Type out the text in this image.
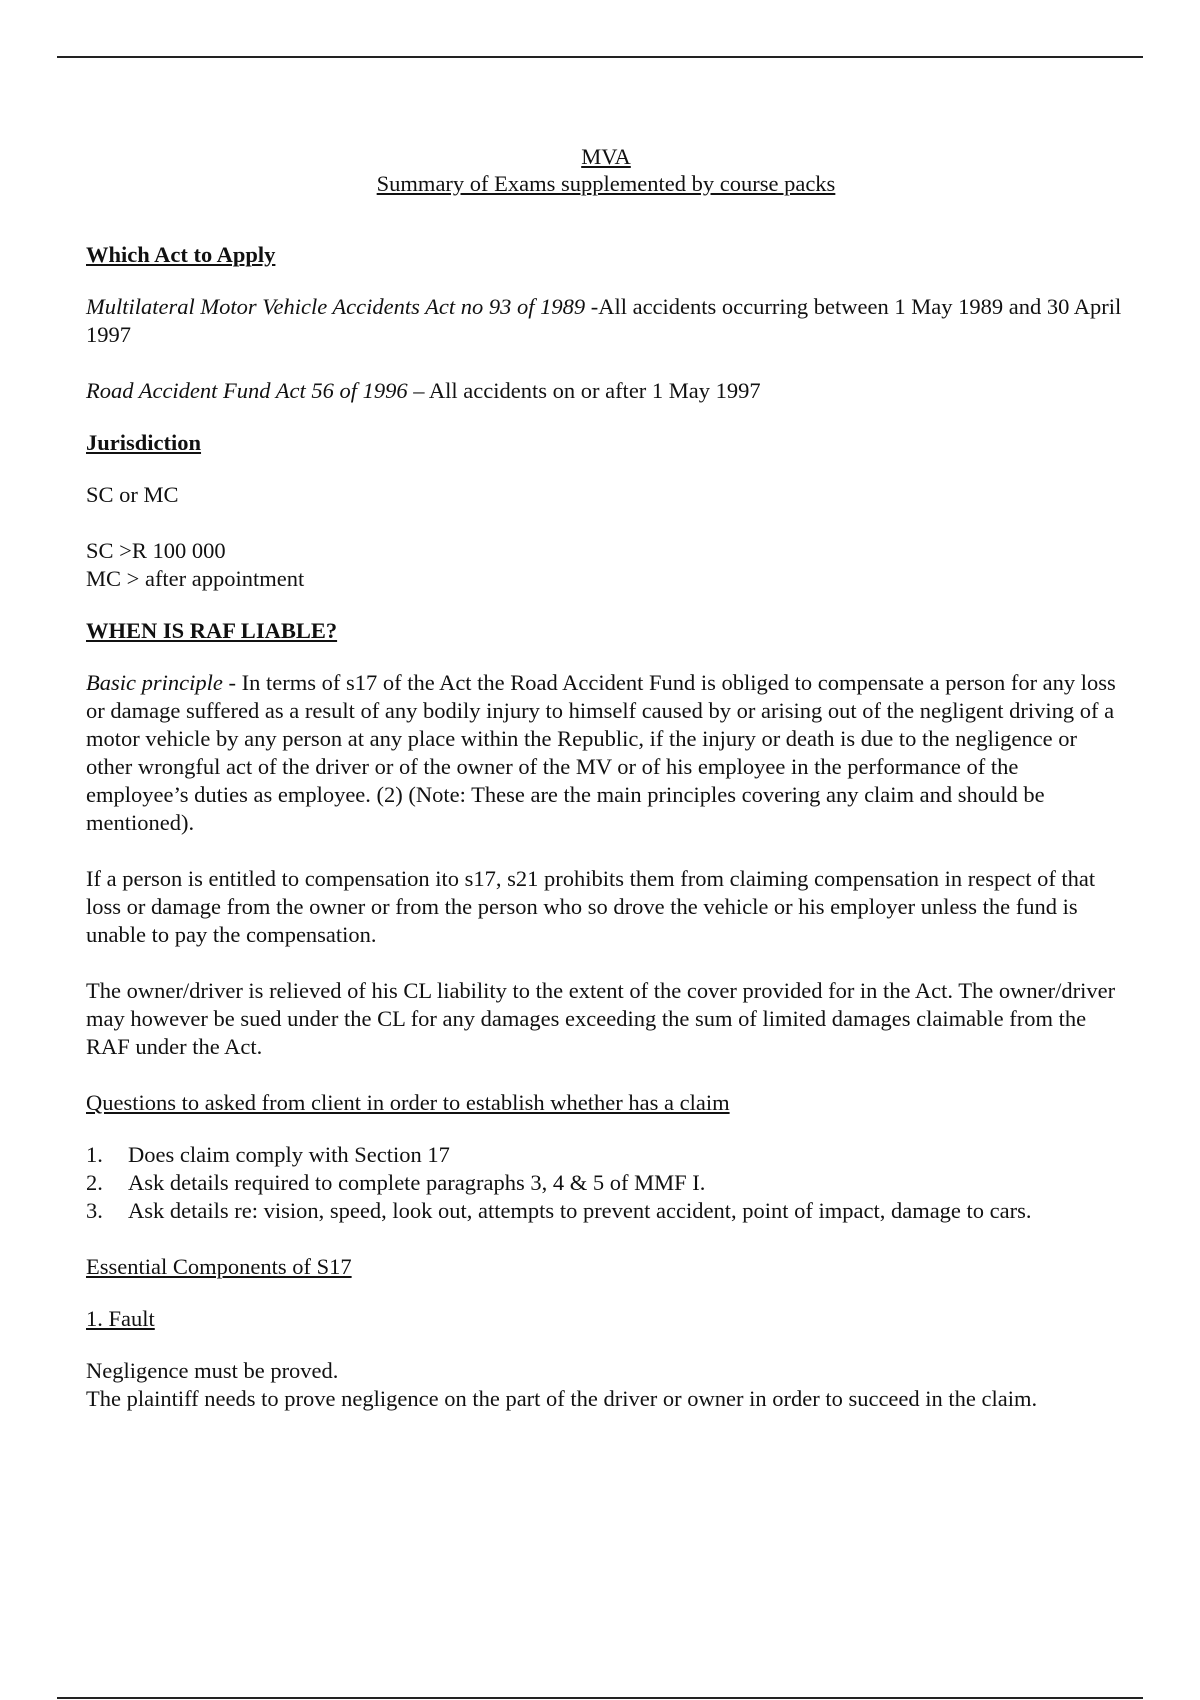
MVA
Summary of Exams supplemented by course packs
Which Act to Apply

Multilateral Motor Vehicle Accidents Act no 93 of 1989 -All accidents occurring between 1 May 1989 and 30 April 1997

Road Accident Fund Act 56 of 1996 – All accidents on or after 1 May 1997

Jurisdiction

SC or MC

SC >R 100 000
MC > after appointment

WHEN IS RAF LIABLE?

Basic principle - In terms of s17 of the Act the Road Accident Fund is obliged to compensate a person for any loss or damage suffered as a result of any bodily injury to himself caused by or arising out of the negligent driving of a motor vehicle by any person at any place within the Republic, if the injury or death is due to the negligence or other wrongful act of the driver or of the owner of the MV or of his employee in the performance of the employee’s duties as employee. (2) (Note: These are the main principles covering any claim and should be mentioned).

If a person is entitled to compensation ito s17, s21 prohibits them from claiming compensation in respect of that loss or damage from the owner or from the person who so drove the vehicle or his employer unless the fund is unable to pay the compensation.

The owner/driver is relieved of his CL liability to the extent of the cover provided for in the Act. The owner/driver may however be sued under the CL for any damages exceeding the sum of limited damages claimable from the RAF under the Act.

Questions to asked from client in order to establish whether has a claim
1.	Does claim comply with Section 17
2.	Ask details required to complete paragraphs 3, 4 & 5 of MMF I.
3.	Ask details re: vision, speed, look out, attempts to prevent accident, point of impact, damage to cars.
Essential Components of S17
1. Fault

Negligence must be proved.
The plaintiff needs to prove negligence on the part of the driver or owner in order to succeed in the claim.
